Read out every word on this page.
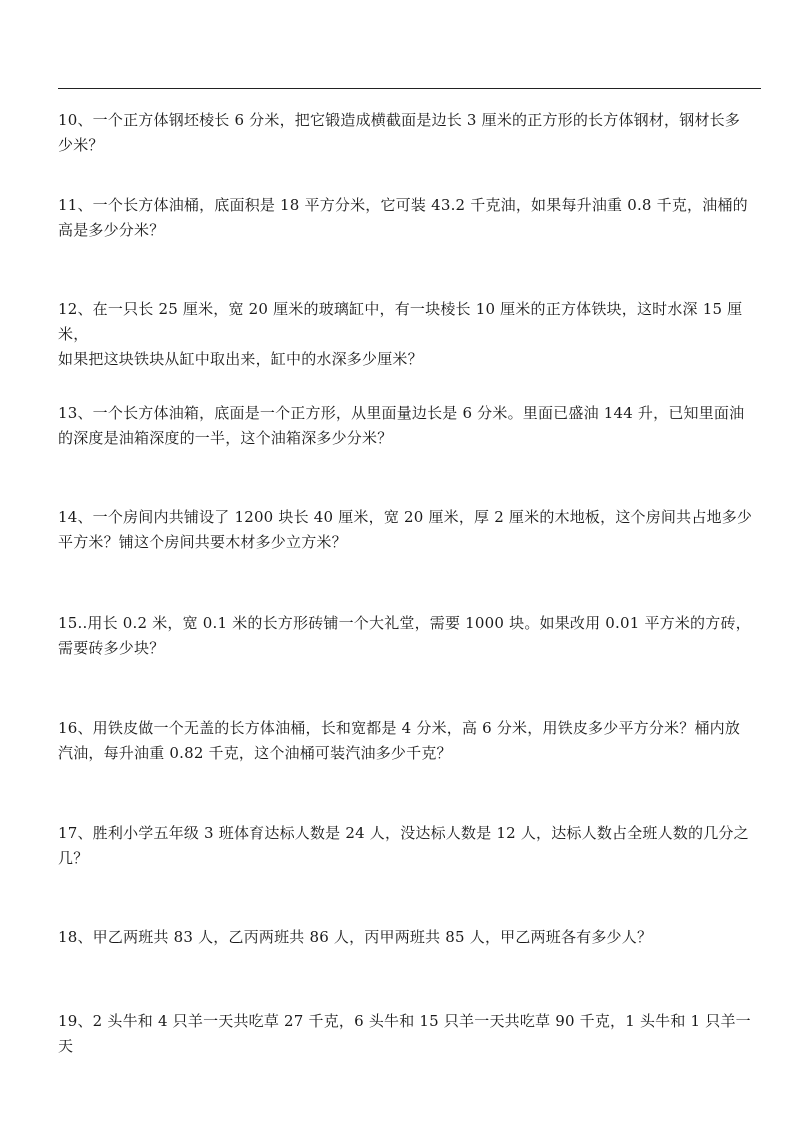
10、一个正方体钢坯棱长 6 分米，把它锻造成横截面是边长 3 厘米的正方形的长方体钢材，钢材长多
少米？
11、一个长方体油桶，底面积是 18 平方分米，它可装 43.2 千克油，如果每升油重 0.8 千克，油桶的
高是多少分米？
12、在一只长 25 厘米，宽 20 厘米的玻璃缸中，有一块棱长 10 厘米的正方体铁块，这时水深 15 厘米，
如果把这块铁块从缸中取出来，缸中的水深多少厘米？
13、一个长方体油箱，底面是一个正方形，从里面量边长是 6 分米。里面已盛油 144 升，已知里面油
的深度是油箱深度的一半，这个油箱深多少分米？
14、一个房间内共铺设了 1200 块长 40 厘米，宽 20 厘米，厚 2 厘米的木地板，这个房间共占地多少
平方米？铺这个房间共要木材多少立方米？
15..用长 0.2 米，宽 0.1 米的长方形砖铺一个大礼堂，需要 1000 块。如果改用 0.01 平方米的方砖，
需要砖多少块？
16、用铁皮做一个无盖的长方体油桶，长和宽都是 4 分米，高 6 分米，用铁皮多少平方分米？桶内放
汽油，每升油重 0.82 千克，这个油桶可装汽油多少千克？
17、胜利小学五年级 3 班体育达标人数是 24 人，没达标人数是 12 人，达标人数占全班人数的几分之
几？
18、甲乙两班共 83 人，乙丙两班共 86 人，丙甲两班共 85 人，甲乙两班各有多少人？
19、2 头牛和 4 只羊一天共吃草 27 千克，6 头牛和 15 只羊一天共吃草 90 千克，1 头牛和 1 只羊一天
